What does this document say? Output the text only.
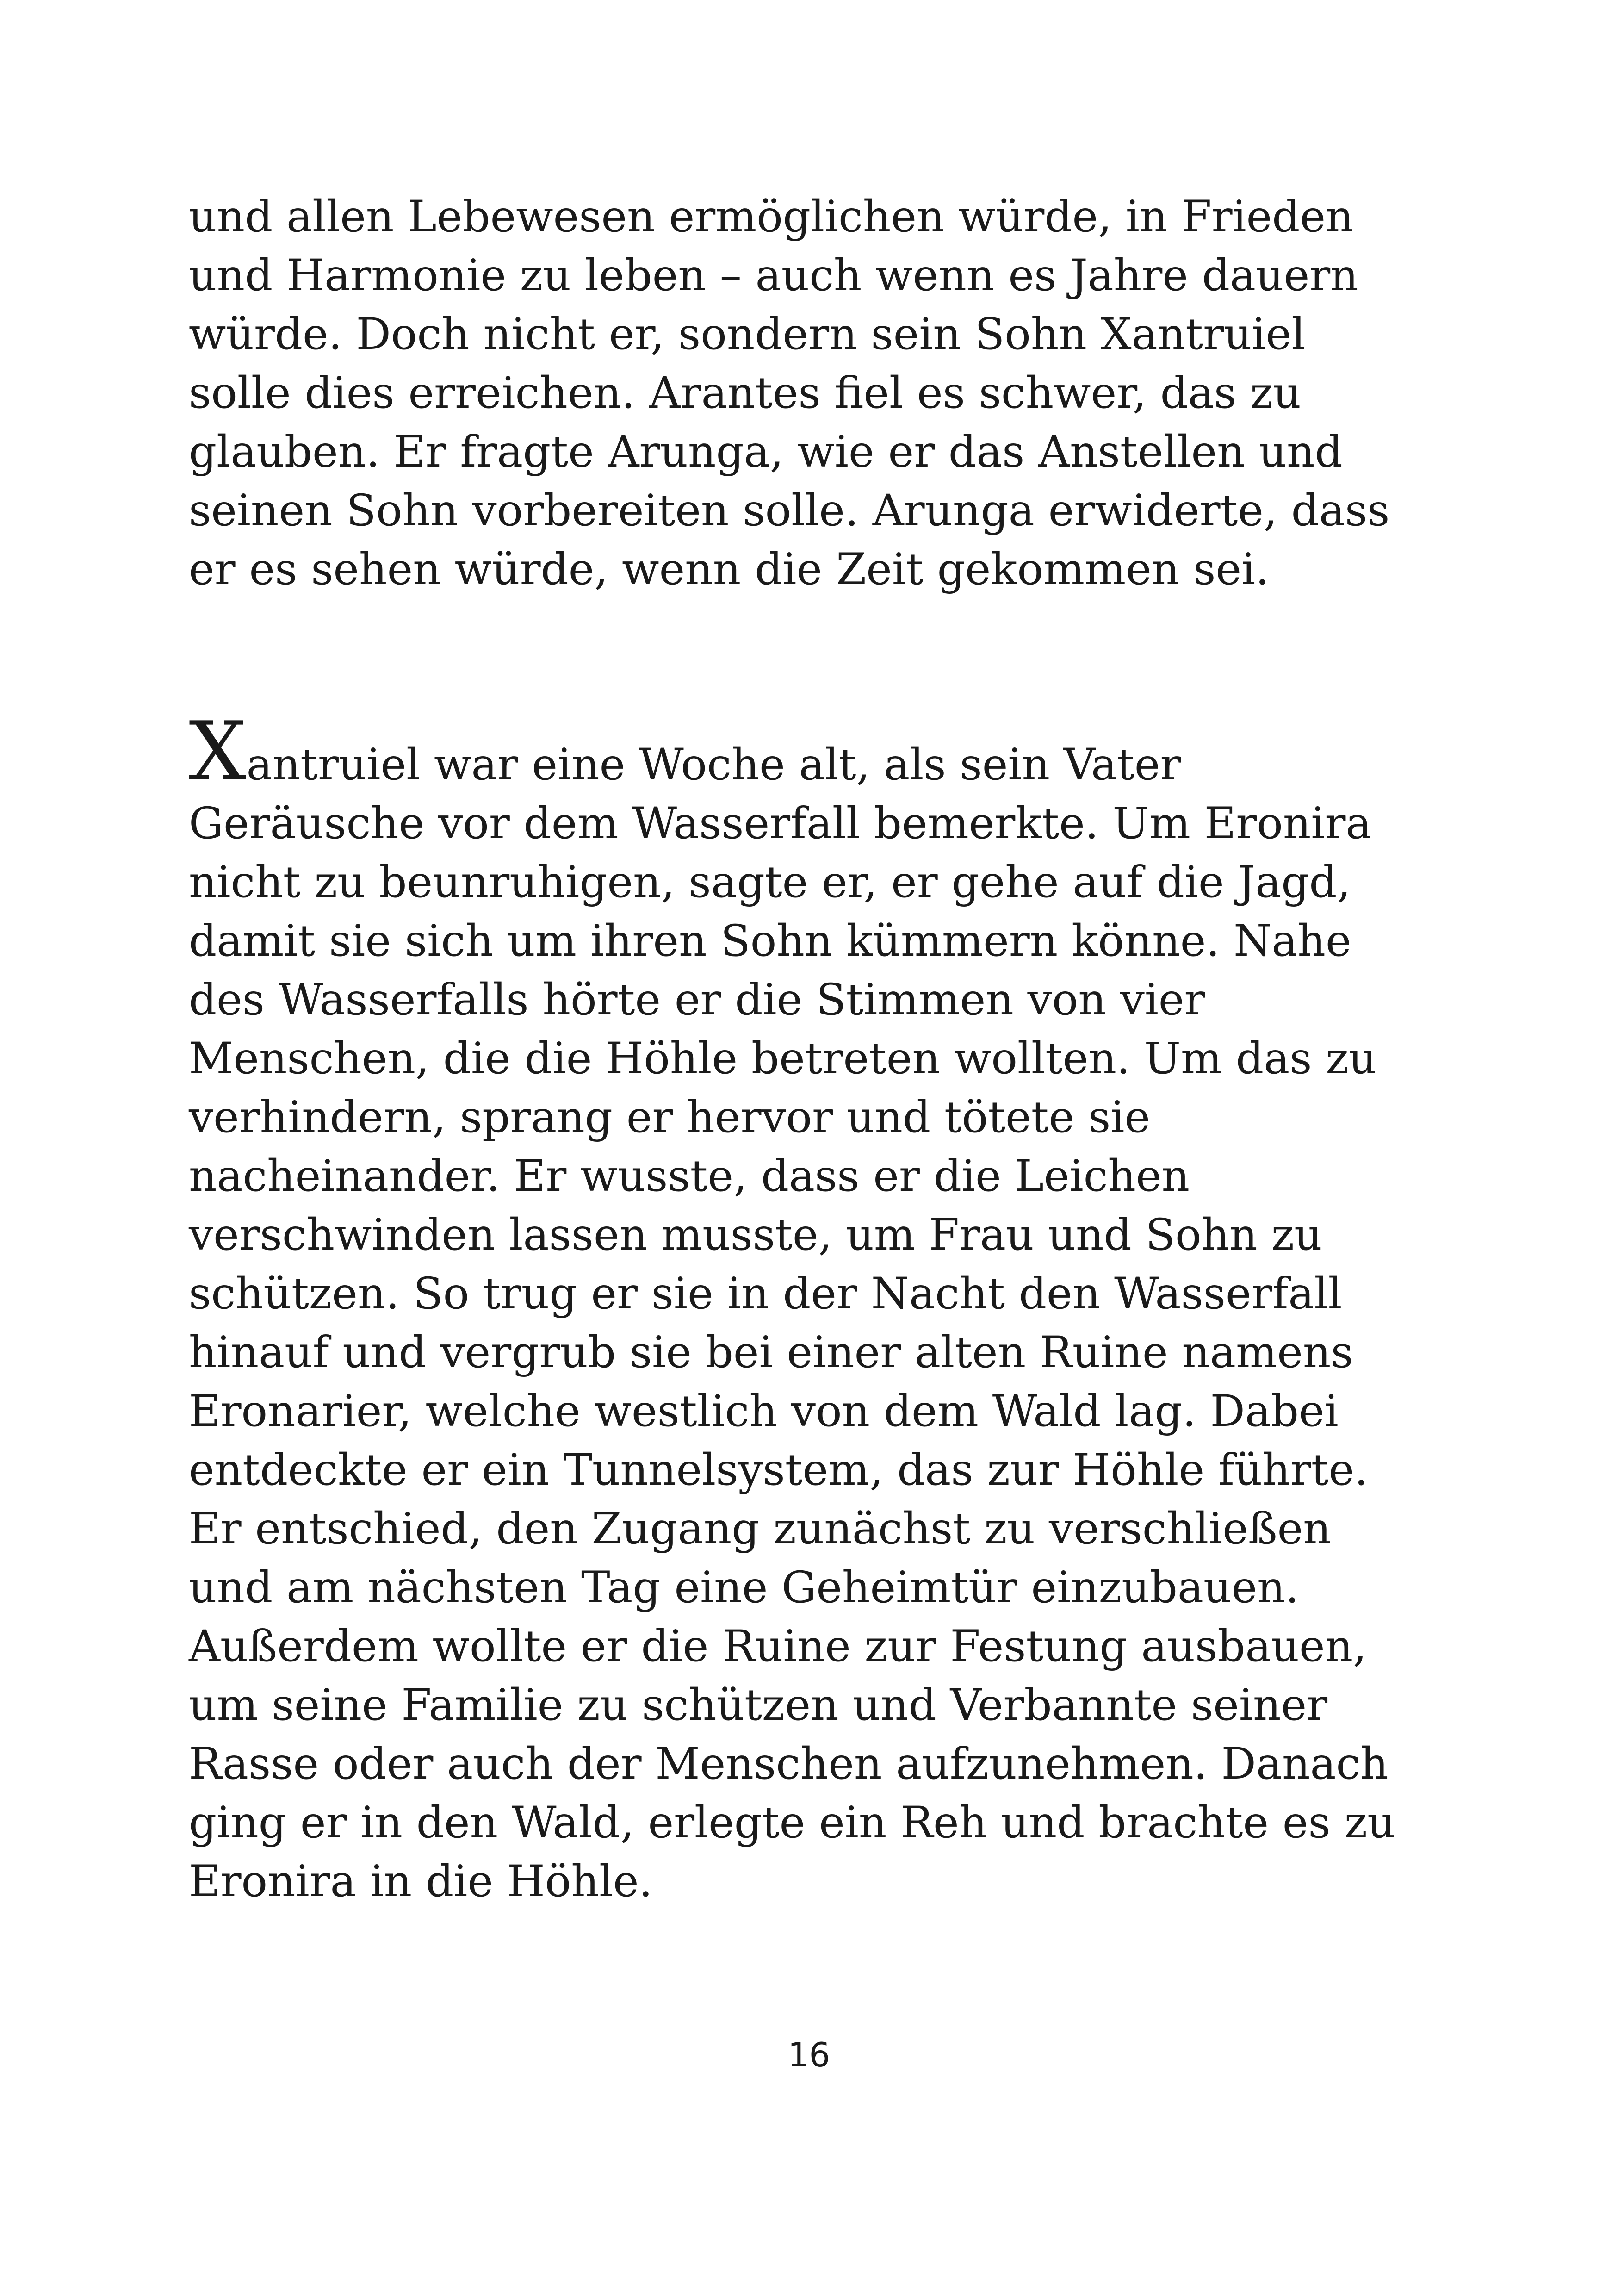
und allen Lebewesen ermöglichen würde, in Frieden
und Harmonie zu leben – auch wenn es Jahre dauern
würde. Doch nicht er, sondern sein Sohn Xantruiel
solle dies erreichen. Arantes fiel es schwer, das zu
glauben. Er fragte Arunga, wie er das Anstellen und
seinen Sohn vorbereiten solle. Arunga erwiderte, dass
er es sehen würde, wenn die Zeit gekommen sei.
Xantruiel war eine Woche alt, als sein Vater
Geräusche vor dem Wasserfall bemerkte. Um Eronira
nicht zu beunruhigen, sagte er, er gehe auf die Jagd,
damit sie sich um ihren Sohn kümmern könne. Nahe
des Wasserfalls hörte er die Stimmen von vier
Menschen, die die Höhle betreten wollten. Um das zu
verhindern, sprang er hervor und tötete sie
nacheinander. Er wusste, dass er die Leichen
verschwinden lassen musste, um Frau und Sohn zu
schützen. So trug er sie in der Nacht den Wasserfall
hinauf und vergrub sie bei einer alten Ruine namens
Eronarier, welche westlich von dem Wald lag. Dabei
entdeckte er ein Tunnelsystem, das zur Höhle führte.
Er entschied, den Zugang zunächst zu verschließen
und am nächsten Tag eine Geheimtür einzubauen.
Außerdem wollte er die Ruine zur Festung ausbauen,
um seine Familie zu schützen und Verbannte seiner
Rasse oder auch der Menschen aufzunehmen. Danach
ging er in den Wald, erlegte ein Reh und brachte es zu
Eronira in die Höhle.
16
